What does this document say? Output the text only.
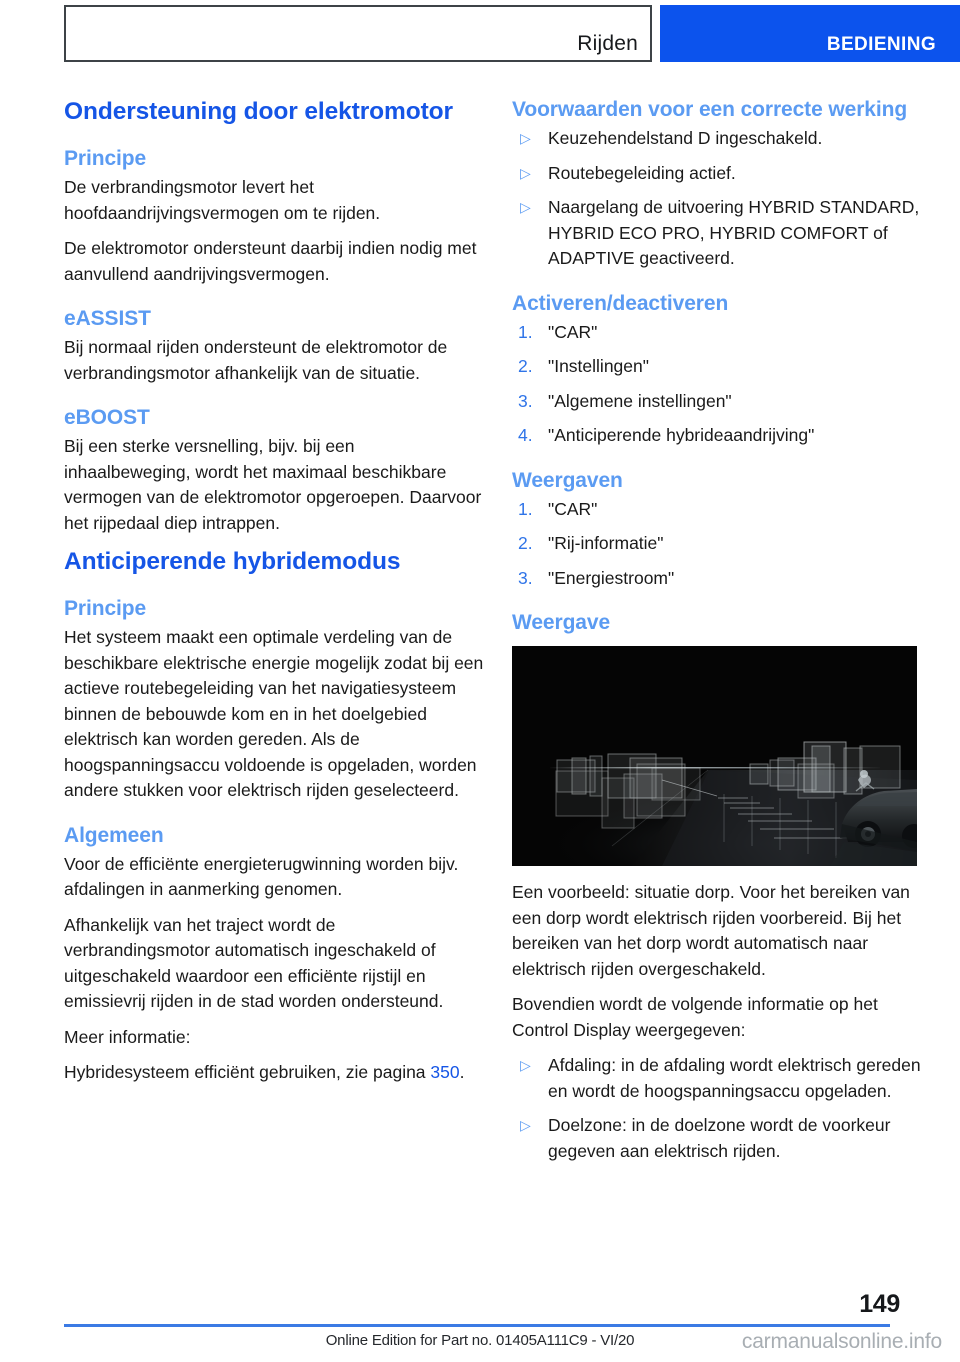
Rijden	BEDIENING
Ondersteuning door elektromotor
Principe

De verbrandingsmotor levert het hoofdaandrijvingsvermogen om te rijden.

De elektromotor ondersteunt daarbij indien nodig met aanvullend aandrijvingsvermogen.

eASSIST

Bij normaal rijden ondersteunt de elektromotor de verbrandingsmotor afhankelijk van de situatie.

eBOOST

Bij een sterke versnelling, bijv. bij een inhaalbeweging, wordt het maximaal beschikbare vermogen van de elektromotor opgeroepen. Daarvoor het rijpedaal diep intrappen.

Anticiperende hybridemodus
Principe

Het systeem maakt een optimale verdeling van de beschikbare elektrische energie mogelijk zodat bij een actieve routebegeleiding van het navigatiesysteem binnen de bebouwde kom en in het doelgebied elektrisch kan worden gereden. Als de hoogspanningsaccu voldoende is opgeladen, worden andere stukken voor elektrisch rijden geselecteerd.

Algemeen

Voor de efficiënte energieterugwinning worden bijv. afdalingen in aanmerking genomen.

Afhankelijk van het traject wordt de verbrandingsmotor automatisch ingeschakeld of uitgeschakeld waardoor een efficiënte rijstijl en emissievrij rijden in de stad worden ondersteund.

Meer informatie:

Hybridesysteem efficiënt gebruiken, zie pagina 350.

Voorwaarden voor een correcte werking
▷ Keuzehendelstand D ingeschakeld.
▷ Routebegeleiding actief.
▷ Naargelang de uitvoering HYBRID STANDARD, HYBRID ECO PRO, HYBRID COMFORT of ADAPTIVE geactiveerd.
Activeren/deactiveren
1. "CAR"
2. "Instellingen"
3. "Algemene instellingen"
4. "Anticiperende hybrideaandrijving"
Weergaven
1. "CAR"
2. "Rij-informatie"
3. "Energiestroom"
Weergave

Een voorbeeld: situatie dorp. Voor het bereiken van een dorp wordt elektrisch rijden voorbereid. Bij het bereiken van het dorp wordt automatisch naar elektrisch rijden overgeschakeld.

Bovendien wordt de volgende informatie op het Control Display weergegeven:

▷ Afdaling: in de afdaling wordt elektrisch gereden en wordt de hoogspanningsaccu opgeladen.
▷ Doelzone: in de doelzone wordt de voorkeur gegeven aan elektrisch rijden.
149
Online Edition for Part no. 01405A111C9 - VI/20	carmanualsonline.info
